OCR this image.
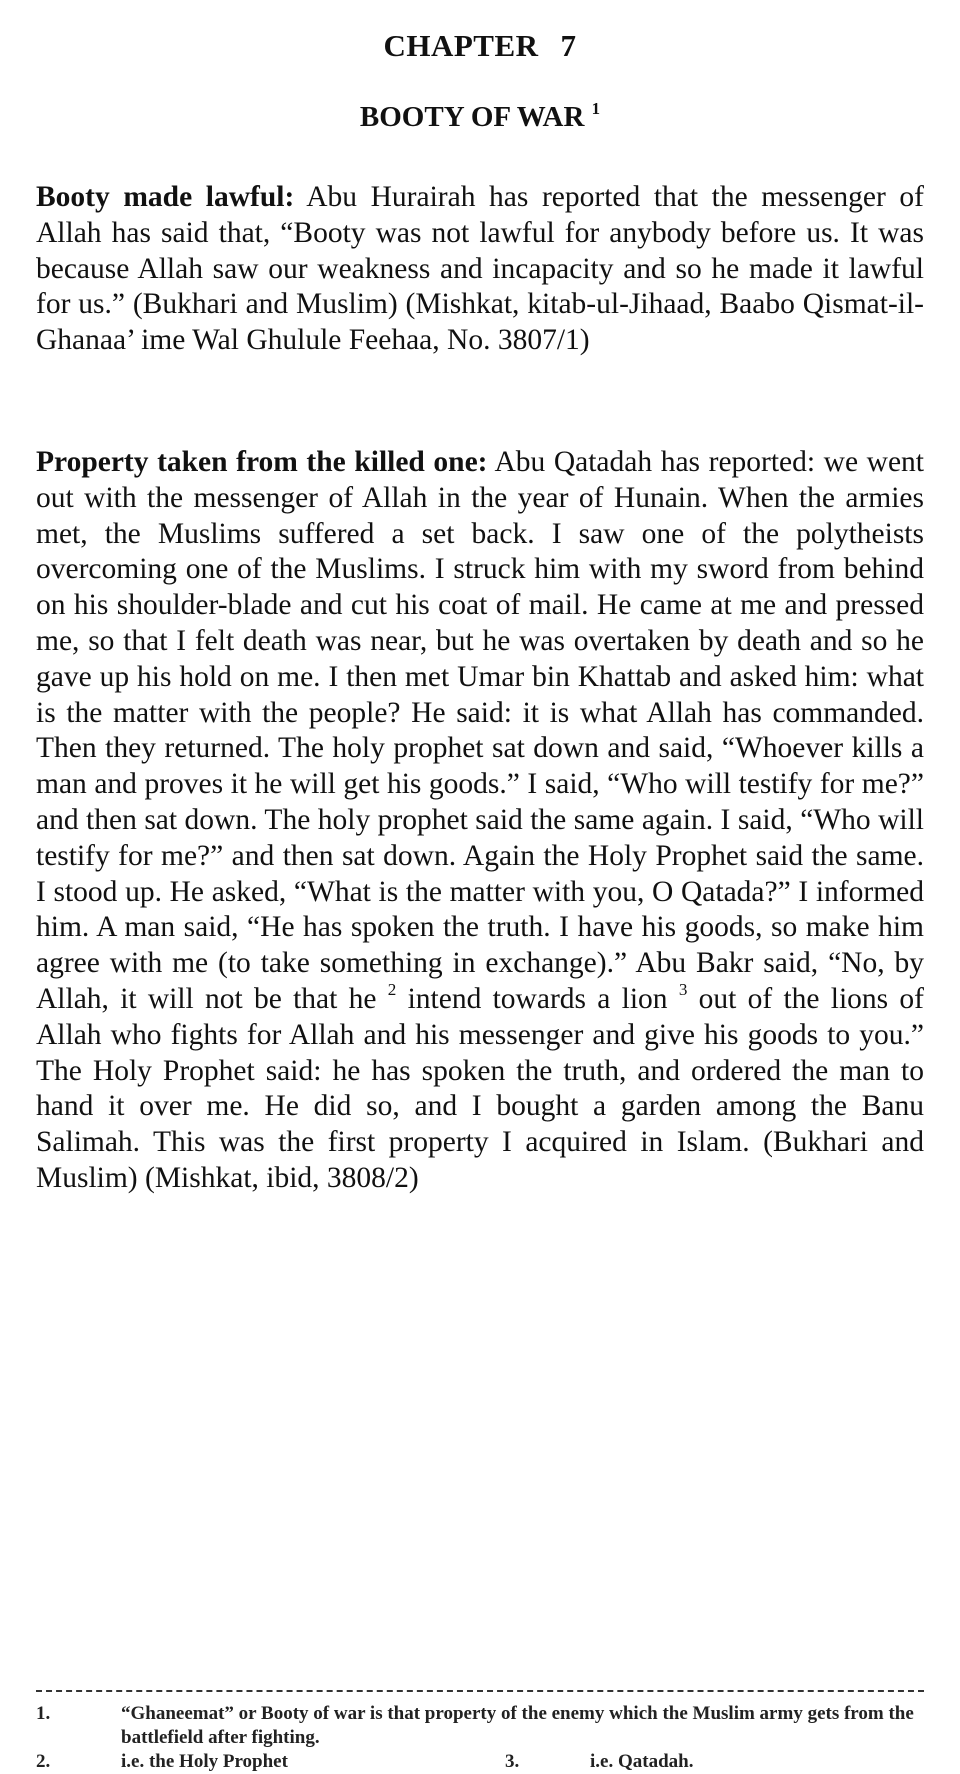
CHAPTER 7
BOOTY OF WAR $^1$

Booty made lawful: Abu Hurairah has reported that the messenger of Allah has said that, “Booty was not lawful for anybody before us. It was because Allah saw our weakness and incapacity and so he made it lawful for us.” (Bukhari and Muslim) (Mishkat, kitab-ul-Jihaad, Baabo Qismat-il-Ghanaa’ ime Wal Ghulule Feehaa, No. 3807/1)

Property taken from the killed one: Abu Qatadah has reported: we went out with the messenger of Allah in the year of Hunain. When the armies met, the Muslims suffered a set back. I saw one of the polytheists overcoming one of the Muslims. I struck him with my sword from behind on his shoulder-blade and cut his coat of mail. He came at me and pressed me, so that I felt death was near, but he was overtaken by death and so he gave up his hold on me. I then met Umar bin Khattab and asked him: what is the matter with the people? He said: it is what Allah has commanded. Then they returned. The holy prophet sat down and said, “Whoever kills a man and proves it he will get his goods.” I said, “Who will testify for me?” and then sat down. The holy prophet said the same again. I said, “Who will testify for me?” and then sat down. Again the Holy Prophet said the same. I stood up. He asked, “What is the matter with you, O Qatada?” I informed him. A man said, “He has spoken the truth. I have his goods, so make him agree with me (to take something in exchange).” Abu Bakr said, “No, by Allah, it will not be that he $^2$ intend towards a lion $^3$ out of the lions of Allah who fights for Allah and his messenger and give his goods to you.” The Holy Prophet said: he has spoken the truth, and ordered the man to hand it over me. He did so, and I bought a garden among the Banu Salimah. This was the first property I acquired in Islam. (Bukhari and Muslim) (Mishkat, ibid, 3808/2)

1.	“Ghaneemat” or Booty of war is that property of the enemy which the Muslim army gets from the battlefield after fighting.
2.	i.e. the Holy Prophet	3.	i.e. Qatadah.
